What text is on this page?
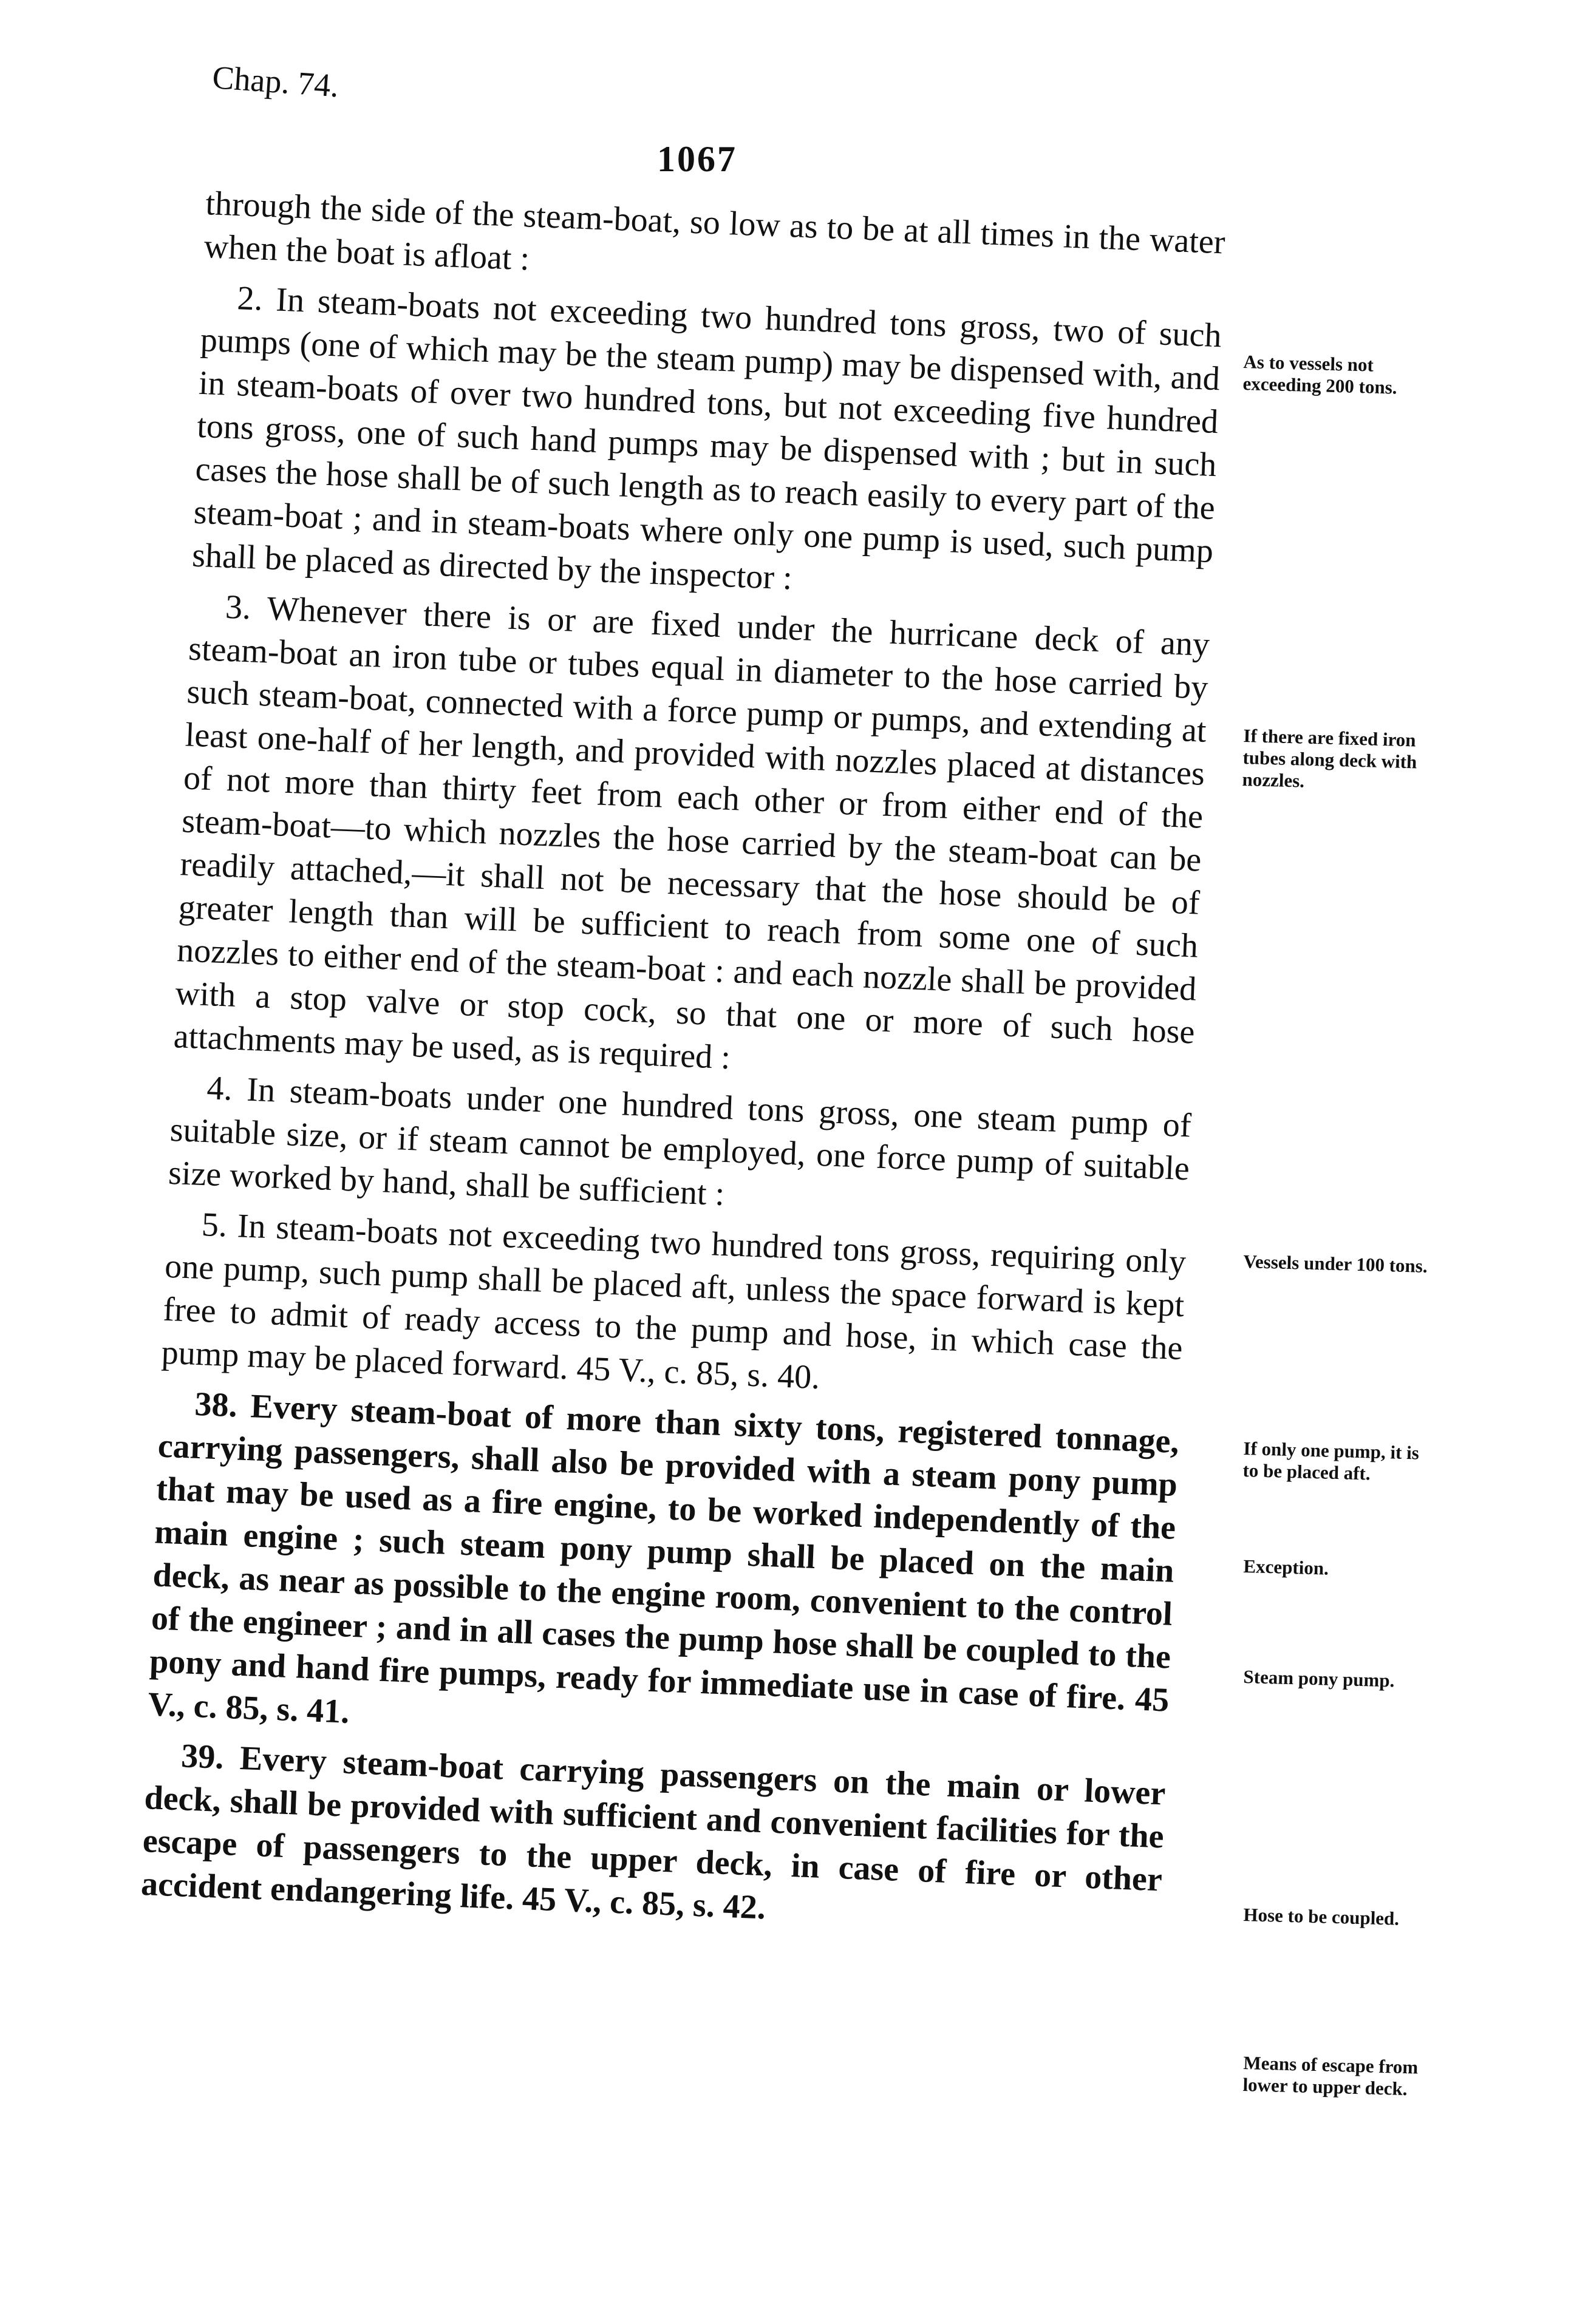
Chap. 74.
1067

through the side of the steam-boat, so low as to be at all times in the water when the boat is afloat :

2. In steam-boats not exceeding two hundred tons gross, two of such pumps (one of which may be the steam pump) may be dispensed with, and in steam-boats of over two hundred tons, but not exceeding five hundred tons gross, one of such hand pumps may be dispensed with ; but in such cases the hose shall be of such length as to reach easily to every part of the steam-boat ; and in steam-boats where only one pump is used, such pump shall be placed as directed by the inspector :

3. Whenever there is or are fixed under the hurricane deck of any steam-boat an iron tube or tubes equal in diameter to the hose carried by such steam-boat, connected with a force pump or pumps, and extending at least one-half of her length, and provided with nozzles placed at distances of not more than thirty feet from each other or from either end of the steam-boat—to which nozzles the hose carried by the steam-boat can be readily attached,—it shall not be necessary that the hose should be of greater length than will be sufficient to reach from some one of such nozzles to either end of the steam-boat : and each nozzle shall be provided with a stop valve or stop cock, so that one or more of such hose attachments may be used, as is required :

4. In steam-boats under one hundred tons gross, one steam pump of suitable size, or if steam cannot be employed, one force pump of suitable size worked by hand, shall be sufficient :

5. In steam-boats not exceeding two hundred tons gross, requiring only one pump, such pump shall be placed aft, unless the space forward is kept free to admit of ready access to the pump and hose, in which case the pump may be placed forward. 45 V., c. 85, s. 40.

38. Every steam-boat of more than sixty tons, registered tonnage, carrying passengers, shall also be provided with a steam pony pump that may be used as a fire engine, to be worked independently of the main engine ; such steam pony pump shall be placed on the main deck, as near as possible to the engine room, convenient to the control of the engineer ; and in all cases the pump hose shall be coupled to the pony and hand fire pumps, ready for immediate use in case of fire. 45 V., c. 85, s. 41.

39. Every steam-boat carrying passengers on the main or lower deck, shall be provided with sufficient and convenient facilities for the escape of passengers to the upper deck, in case of fire or other accident endangering life. 45 V., c. 85, s. 42.

As to vessels not exceeding 200 tons.
If there are fixed iron tubes along deck with nozzles.
Vessels under 100 tons.
If only one pump, it is to be placed aft.
Exception.
Steam pony pump.
Hose to be coupled.
Means of escape from lower to upper deck.
